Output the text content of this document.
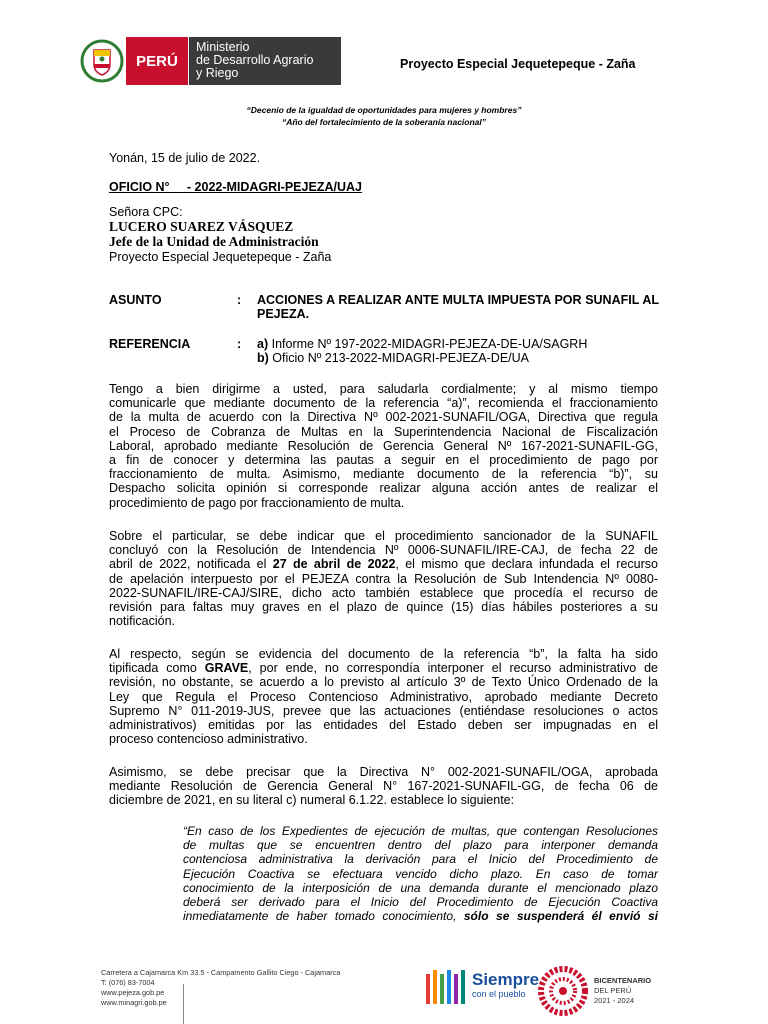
PERÚ
Ministerio
de Desarrollo Agrario
y Riego
Proyecto Especial Jequetepeque - Zaña
“Decenio de la igualdad de oportunidades para mujeres y hombres”
“Año del fortalecimiento de la soberanía nacional”
Yonán, 15 de julio de 2022.
OFICIO N°     - 2022-MIDAGRI-PEJEZA/UAJ
Señora CPC:
LUCERO SUAREZ VÁSQUEZ
Jefe de la Unidad de Administración
Proyecto Especial Jequetepeque - Zaña
ASUNTO	: ACCIONES A REALIZAR ANTE MULTA IMPUESTA POR SUNAFIL AL PEJEZA.
REFERENCIA	: a) Informe Nº 197-2022-MIDAGRI-PEJEZA-DE-UA/SAGRH
b) Oficio Nº 213-2022-MIDAGRI-PEJEZA-DE/UA
Tengo a bien dirigirme a usted, para saludarla cordialmente; y al mismo tiempo
comunicarle que mediante documento de la referencia “a)”, recomienda el fraccionamiento
de la multa de acuerdo con la Directiva Nº 002-2021-SUNAFIL/OGA, Directiva que regula
el Proceso de Cobranza de Multas en la Superintendencia Nacional de Fiscalización
Laboral, aprobado mediante Resolución de Gerencia General Nº 167-2021-SUNAFIL-GG,
a fin de conocer y determina las pautas a seguir en el procedimiento de pago por
fraccionamiento de multa. Asimismo, mediante documento de la referencia “b)”, su
Despacho solicita opinión si corresponde realizar alguna acción antes de realizar el
procedimiento de pago por fraccionamiento de multa.
Sobre el particular, se debe indicar que el procedimiento sancionador de la SUNAFIL
concluyó con la Resolución de Intendencia Nº 0006-SUNAFIL/IRE-CAJ, de fecha 22 de
abril de 2022, notificada el 27 de abril de 2022, el mismo que declara infundada el recurso
de apelación interpuesto por el PEJEZA contra la Resolución de Sub Intendencia Nº 0080-
2022-SUNAFIL/IRE-CAJ/SIRE, dicho acto también establece que procedía el recurso de
revisión para faltas muy graves en el plazo de quince (15) días hábiles posteriores a su
notificación.
Al respecto, según se evidencia del documento de la referencia “b”, la falta ha sido
tipificada como GRAVE, por ende, no correspondía interponer el recurso administrativo de
revisión, no obstante, se acuerdo a lo previsto al artículo 3º de Texto Único Ordenado de la
Ley que Regula el Proceso Contencioso Administrativo, aprobado mediante Decreto
Supremo N° 011-2019-JUS, prevee que las actuaciones (entiéndase resoluciones o actos
administrativos) emitidas por las entidades del Estado deben ser impugnadas en el
proceso contencioso administrativo.
Asimismo, se debe precisar que la Directiva N° 002-2021-SUNAFIL/OGA, aprobada
mediante Resolución de Gerencia General N° 167-2021-SUNAFIL-GG, de fecha 06 de
diciembre de 2021, en su literal c) numeral 6.1.22. establece lo siguiente:
“En caso de los Expedientes de ejecución de multas, que contengan Resoluciones
de multas que se encuentren dentro del plazo para interponer demanda
contenciosa administrativa la derivación para el Inicio del Procedimiento de
Ejecución Coactiva se efectuara vencido dicho plazo. En caso de tomar
conocimiento de la interposición de una demanda durante el mencionado plazo
deberá ser derivado para el Inicio del Procedimiento de Ejecución Coactiva
inmediatamente de haber tomado conocimiento, sólo se suspenderá él envió si
Carretera a Cajamarca Km 33.5 - Campamento Gallito Ciego - Cajamarca
T: (076) 83-7004
www.pejeza.gob.pe
www.minagri.gob.pe
Siempre
con el pueblo
BICENTENARIO
DEL PERÚ
2021 - 2024
